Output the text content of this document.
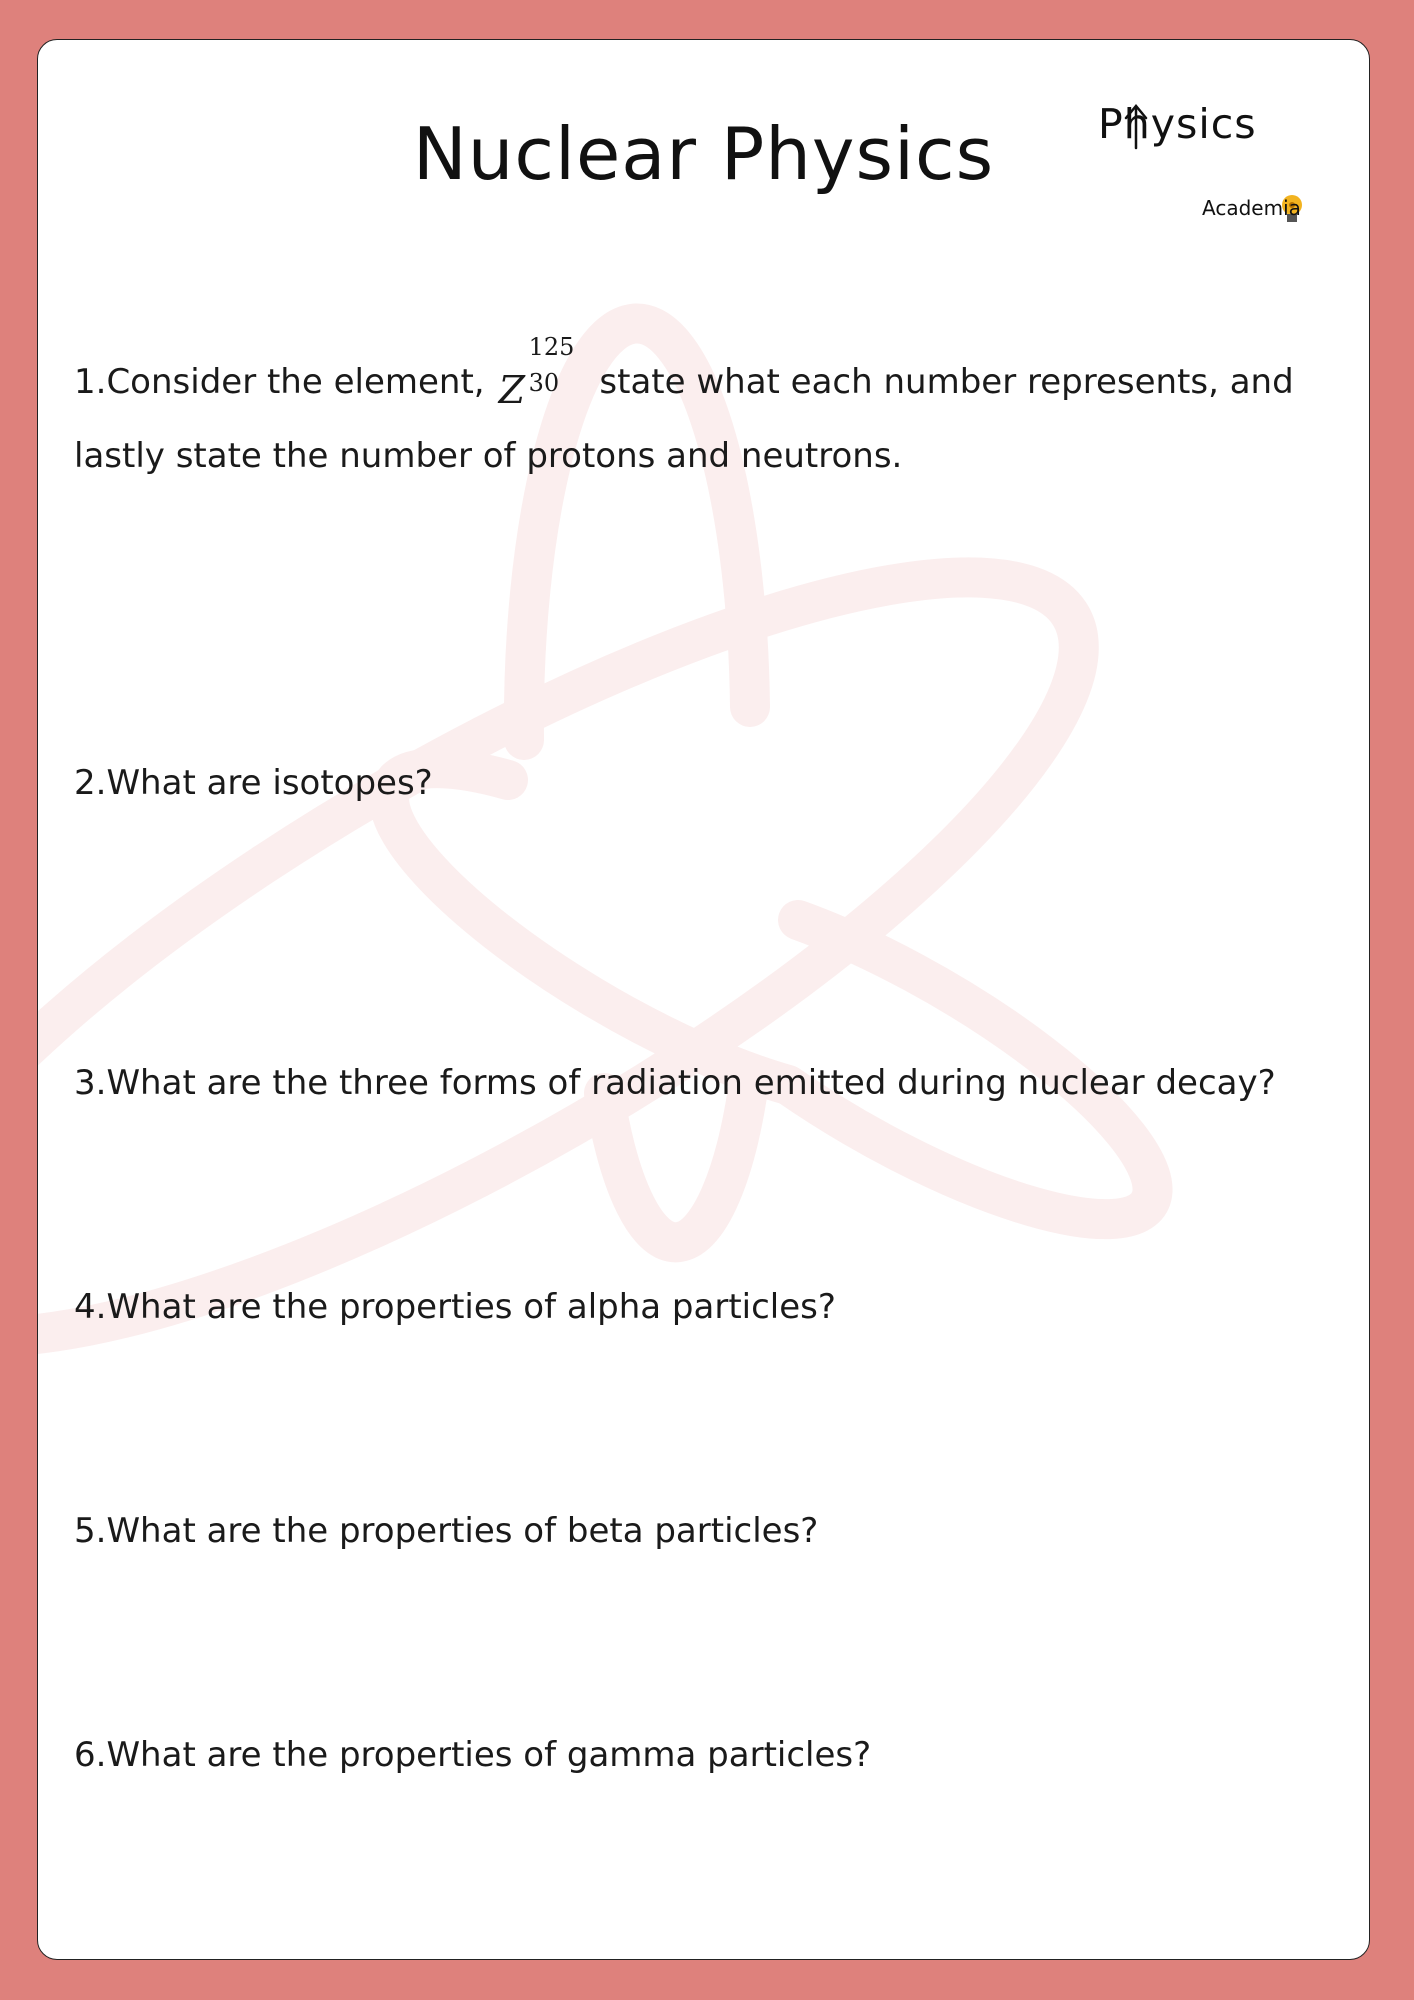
Nuclear Physics	Physics
Academia

1.Consider the element, Z
125
30 state what each number represents, and lastly state the number of protons and neutrons.

2.What are isotopes?

3.What are the three forms of radiation emitted during nuclear decay?

4.What are the properties of alpha particles?

5.What are the properties of beta particles?

6.What are the properties of gamma particles?
